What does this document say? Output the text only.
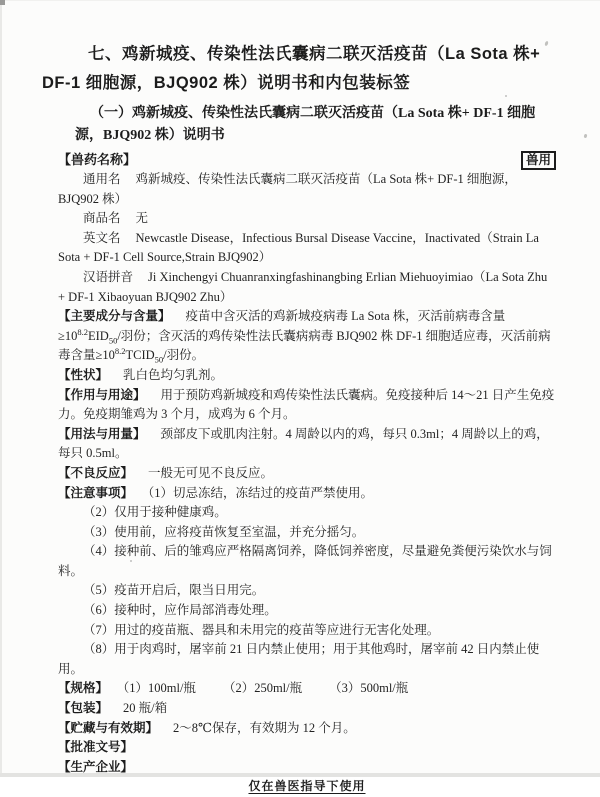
七、鸡新城疫、传染性法氏囊病二联灭活疫苗（La Sota 株+ DF-1 细胞源，BJQ902 株）说明书和内包装标签

（一）鸡新城疫、传染性法氏囊病二联灭活疫苗（La Sota 株+ DF-1 细胞源，BJQ902 株）说明书

【兽药名称】	兽用

通用名 鸡新城疫、传染性法氏囊病二联灭活疫苗（La Sota 株+ DF-1 细胞源，BJQ902 株）

商品名 无

英文名 Newcastle Disease，Infectious Bursal Disease Vaccine，Inactivated（Strain La Sota + DF-1 Cell Source,Strain BJQ902）

汉语拼音 Ji Xinchengyi Chuanranxingfashinangbing Erlian Miehuoyimiao（La Sota Zhu + DF-1 Xibaoyuan BJQ902 Zhu）

【主要成分与含量】 疫苗中含灭活的鸡新城疫病毒 La Sota 株，灭活前病毒含量$\ge 10^{8.2}EID_{50}/$羽份；含灭活的鸡传染性法氏囊病病毒 BJQ902 株 DF-1 细胞适应毒，灭活前病毒含量$\ge 10^{8.2}TCID_{50}/$羽份。

【性状】 乳白色均匀乳剂。

【作用与用途】 用于预防鸡新城疫和鸡传染性法氏囊病。免疫接种后 14～21 日产生免疫力。免疫期雏鸡为 3 个月，成鸡为 6 个月。

【用法与用量】 颈部皮下或肌肉注射。4 周龄以内的鸡，每只 0.3ml；4 周龄以上的鸡，每只 0.5ml。

【不良反应】 一般无可见不良反应。

【注意事项】 （1）切忌冻结，冻结过的疫苗严禁使用。

（2）仅用于接种健康鸡。

（3）使用前，应将疫苗恢复至室温，并充分摇匀。

（4）接种前、后的雏鸡应严格隔离饲养，降低饲养密度，尽量避免粪便污染饮水与饲料。

（5）疫苗开启后，限当日用完。

（6）接种时，应作局部消毒处理。

（7）用过的疫苗瓶、器具和未用完的疫苗等应进行无害化处理。

（8）用于肉鸡时，屠宰前 21 日内禁止使用；用于其他鸡时，屠宰前 42 日内禁止使用。

【规格】 （1）100ml/瓶 （2）250ml/瓶 （3）500ml/瓶

【包装】 20 瓶/箱

【贮藏与有效期】 2～8℃保存，有效期为 12 个月。

【批准文号】

【生产企业】

仅在兽医指导下使用
